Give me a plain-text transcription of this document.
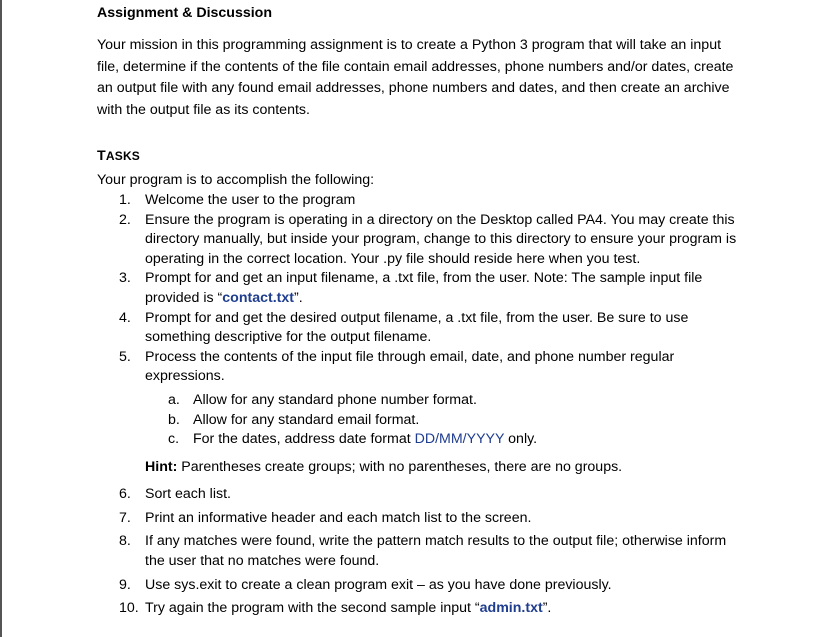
Assignment & Discussion

Your mission in this programming assignment is to create a Python 3 program that will take an input file, determine if the contents of the file contain email addresses, phone numbers and/or dates, create an output file with any found email addresses, phone numbers and dates, and then create an archive with the output file as its contents.

TASKS

Your program is to accomplish the following:

1. Welcome the user to the program
2. Ensure the program is operating in a directory on the Desktop called PA4. You may create this directory manually, but inside your program, change to this directory to ensure your program is operating in the correct location. Your .py file should reside here when you test.
3. Prompt for and get an input filename, a .txt file, from the user. Note: The sample input file provided is “contact.txt”.
4. Prompt for and get the desired output filename, a .txt file, from the user. Be sure to use something descriptive for the output filename.
5. Process the contents of the input file through email, date, and phone number regular expressions.
a. Allow for any standard phone number format.
b. Allow for any standard email format.
c. For the dates, address date format DD/MM/YYYY only.
Hint: Parentheses create groups; with no parentheses, there are no groups.
6. Sort each list.
7. Print an informative header and each match list to the screen.
8. If any matches were found, write the pattern match results to the output file; otherwise inform the user that no matches were found.
9. Use sys.exit to create a clean program exit – as you have done previously.
10. Try again the program with the second sample input “admin.txt”.
